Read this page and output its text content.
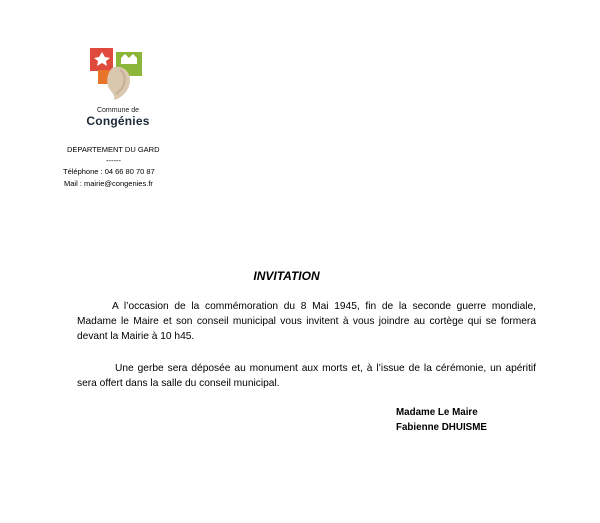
Commune de
Congénies
DEPARTEMENT DU GARD
------
Téléphone : 04 66 80 70 87
Mail : mairie@congenies.fr
INVITATION
A l’occasion de la commémoration du 8 Mai 1945, fin de la seconde guerre mondiale, Madame le Maire et son conseil municipal vous invitent à vous joindre au cortège qui se formera devant la Mairie à 10 h45.
Une gerbe sera déposée au monument aux morts et, à l’issue de la cérémonie, un apéritif sera offert dans la salle du conseil municipal.
Madame Le Maire
Fabienne DHUISME
